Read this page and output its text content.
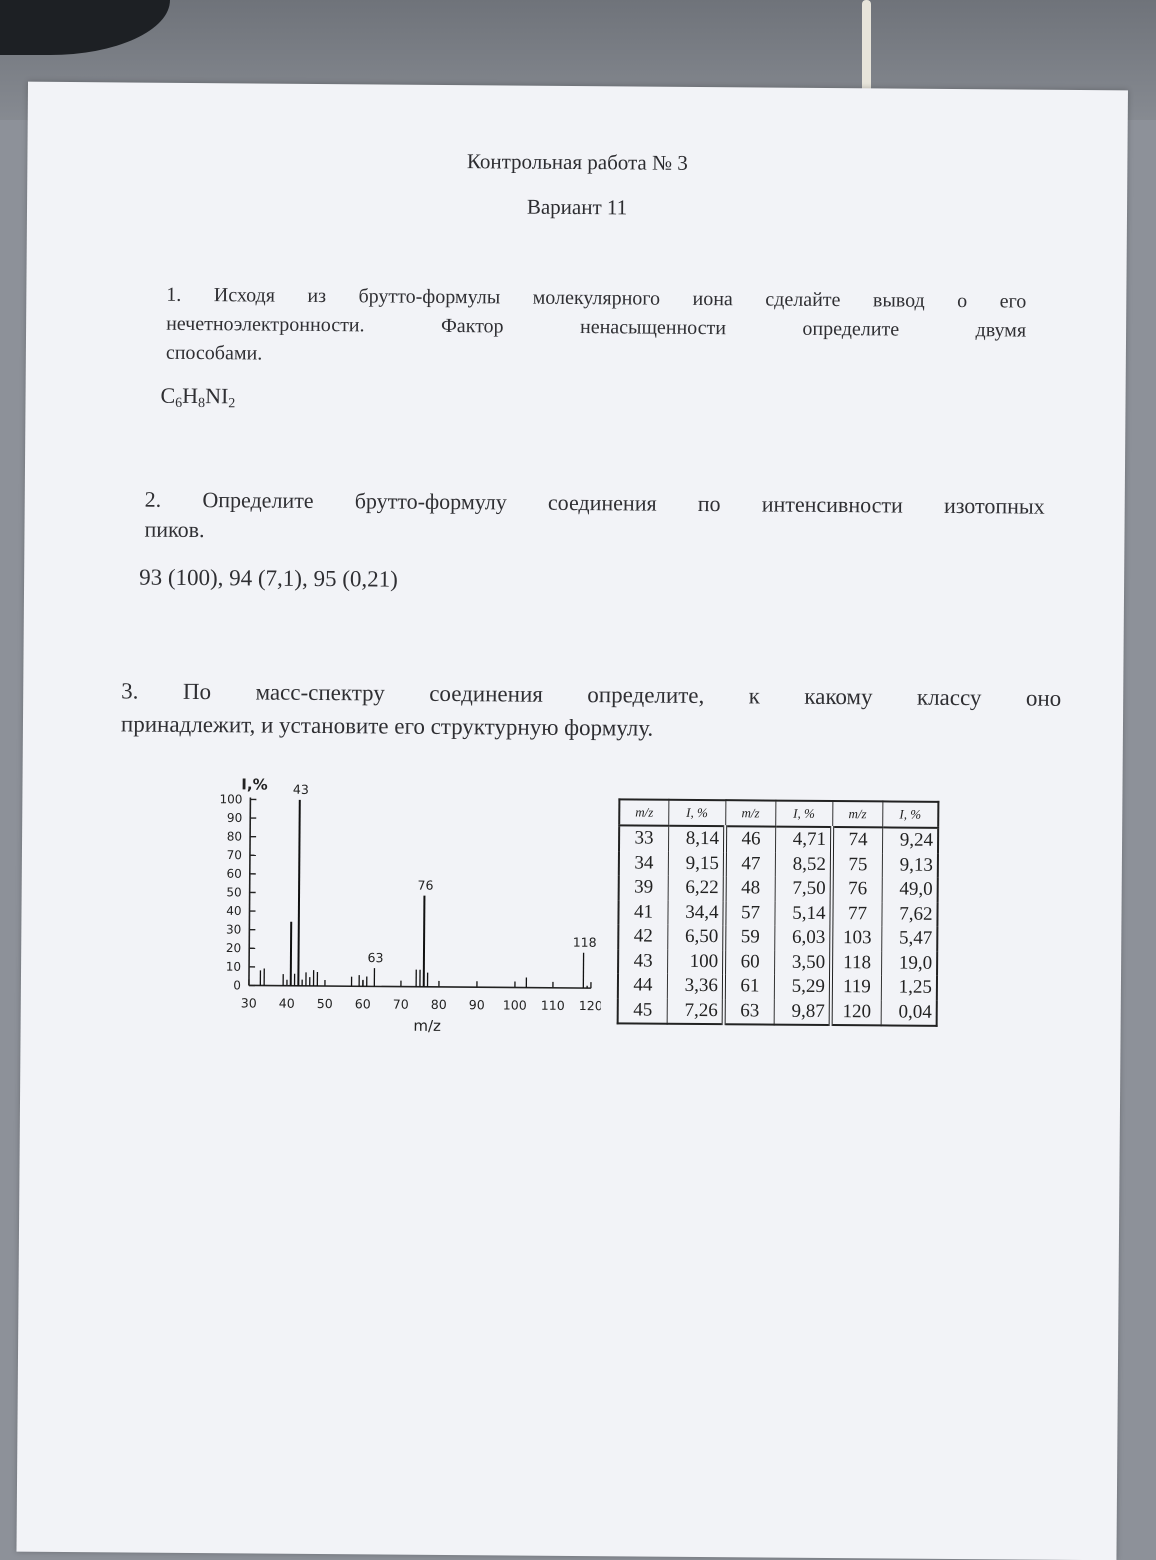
Контрольная работа № 3
Вариант 11
1. Исходя из брутто-формулы молекулярного иона сделайте вывод о его
нечетноэлектронности. Фактор ненасыщенности определите двумя
способами.
$C_6H_8NI_2$
2. Определите брутто-формулу соединения по интенсивности изотопных
пиков.
93 (100), 94 (7,1), 95 (0,21)
3. По масс-спектру соединения определите, к какому классу оно
принадлежит, и установите его структурную формулу.
0
10
20
30
40
50
60
70
80
90
100
30 40 50 60 70 80 90 100 110 120
I,%
m/z
43
63
76
118
m/z	I, %	m/z	I, %	m/z	I, %
33	8,14	46	4,71	74	9,24
34	9,15	47	8,52	75	9,13
39	6,22	48	7,50	76	49,0
41	34,4	57	5,14	77	7,62
42	6,50	59	6,03	103	5,47
43	100	60	3,50	118	19,0
44	3,36	61	5,29	119	1,25
45	7,26	63	9,87	120	0,04
